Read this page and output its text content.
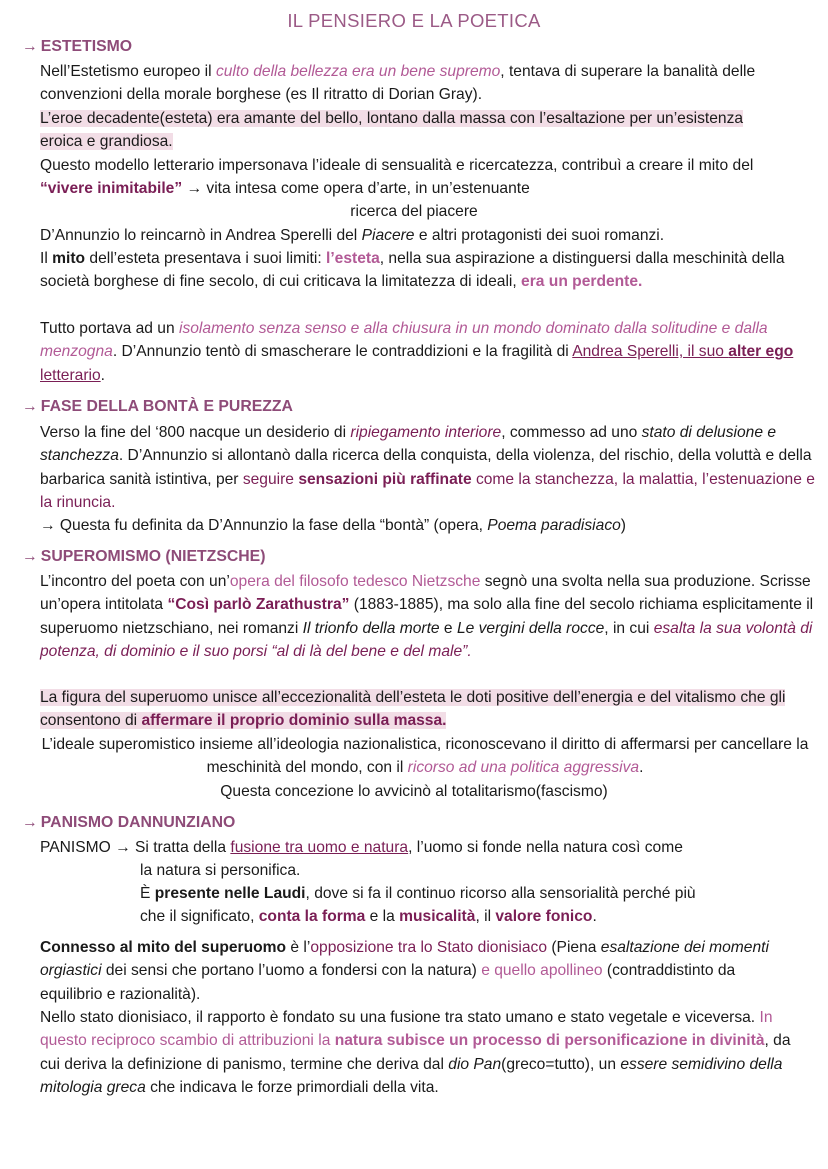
IL PENSIERO E LA POETICA
→ ESTETISMO

Nell’Estetismo europeo il culto della bellezza era un bene supremo, tentava di superare la banalità delle convenzioni della morale borghese (es Il ritratto di Dorian Gray).

L’eroe decadente(esteta) era amante del bello, lontano dalla massa con l’esaltazione per un’esistenza eroica e grandiosa.

Questo modello letterario impersonava l’ideale di sensualità e ricercatezza, contribuì a creare il mito del “vivere inimitabile” → vita intesa come opera d’arte, in un’estenuante

ricerca del piacere

D’Annunzio lo reincarnò in Andrea Sperelli del Piacere e altri protagonisti dei suoi romanzi.

Il mito dell’esteta presentava i suoi limiti: l’esteta, nella sua aspirazione a distinguersi dalla meschinità della società borghese di fine secolo, di cui criticava la limitatezza di ideali, era un perdente.

Tutto portava ad un isolamento senza senso e alla chiusura in un mondo dominato dalla solitudine e dalla menzogna. D’Annunzio tentò di smascherare le contraddizioni e la fragilità di Andrea Sperelli, il suo alter ego letterario.

→ FASE DELLA BONTÀ E PUREZZA

Verso la fine del ‘800 nacque un desiderio di ripiegamento interiore, commesso ad uno stato di delusione e stanchezza. D’Annunzio si allontanò dalla ricerca della conquista, della violenza, del rischio, della voluttà e della barbarica sanità istintiva, per seguire sensazioni più raffinate come la stanchezza, la malattia, l’estenuazione e la rinuncia.

→ Questa fu definita da D’Annunzio la fase della “bontà” (opera, Poema paradisiaco)

→ SUPEROMISMO (NIETZSCHE)

L’incontro del poeta con un’opera del filosofo tedesco Nietzsche segnò una svolta nella sua produzione. Scrisse un’opera intitolata “Così parlò Zarathustra” (1883-1885), ma solo alla fine del secolo richiama esplicitamente il superuomo nietzschiano, nei romanzi Il trionfo della morte e Le vergini della rocce, in cui esalta la sua volontà di potenza, di dominio e il suo porsi “al di là del bene e del male”.

La figura del superuomo unisce all’eccezionalità dell’esteta le doti positive dell’energia e del vitalismo che gli consentono di affermare il proprio dominio sulla massa.

L’ideale superomistico insieme all’ideologia nazionalistica, riconoscevano il diritto di affermarsi per cancellare la meschinità del mondo, con il ricorso ad una politica aggressiva.

Questa concezione lo avvicinò al totalitarismo(fascismo)

→ PANISMO DANNUNZIANO

PANISMO → Si tratta della fusione tra uomo e natura, l’uomo si fonde nella natura così come

la natura si personifica.

È presente nelle Laudi, dove si fa il continuo ricorso alla sensorialità perché più

che il significato, conta la forma e la musicalità, il valore fonico.

Connesso al mito del superuomo è l’opposizione tra lo Stato dionisiaco (Piena esaltazione dei momenti orgiastici dei sensi che portano l’uomo a fondersi con la natura) e quello apollineo (contraddistinto da equilibrio e razionalità).

Nello stato dionisiaco, il rapporto è fondato su una fusione tra stato umano e stato vegetale e viceversa. In questo reciproco scambio di attribuzioni la natura subisce un processo di personificazione in divinità, da cui deriva la definizione di panismo, termine che deriva dal dio Pan(greco=tutto), un essere semidivino della mitologia greca che indicava le forze primordiali della vita.
